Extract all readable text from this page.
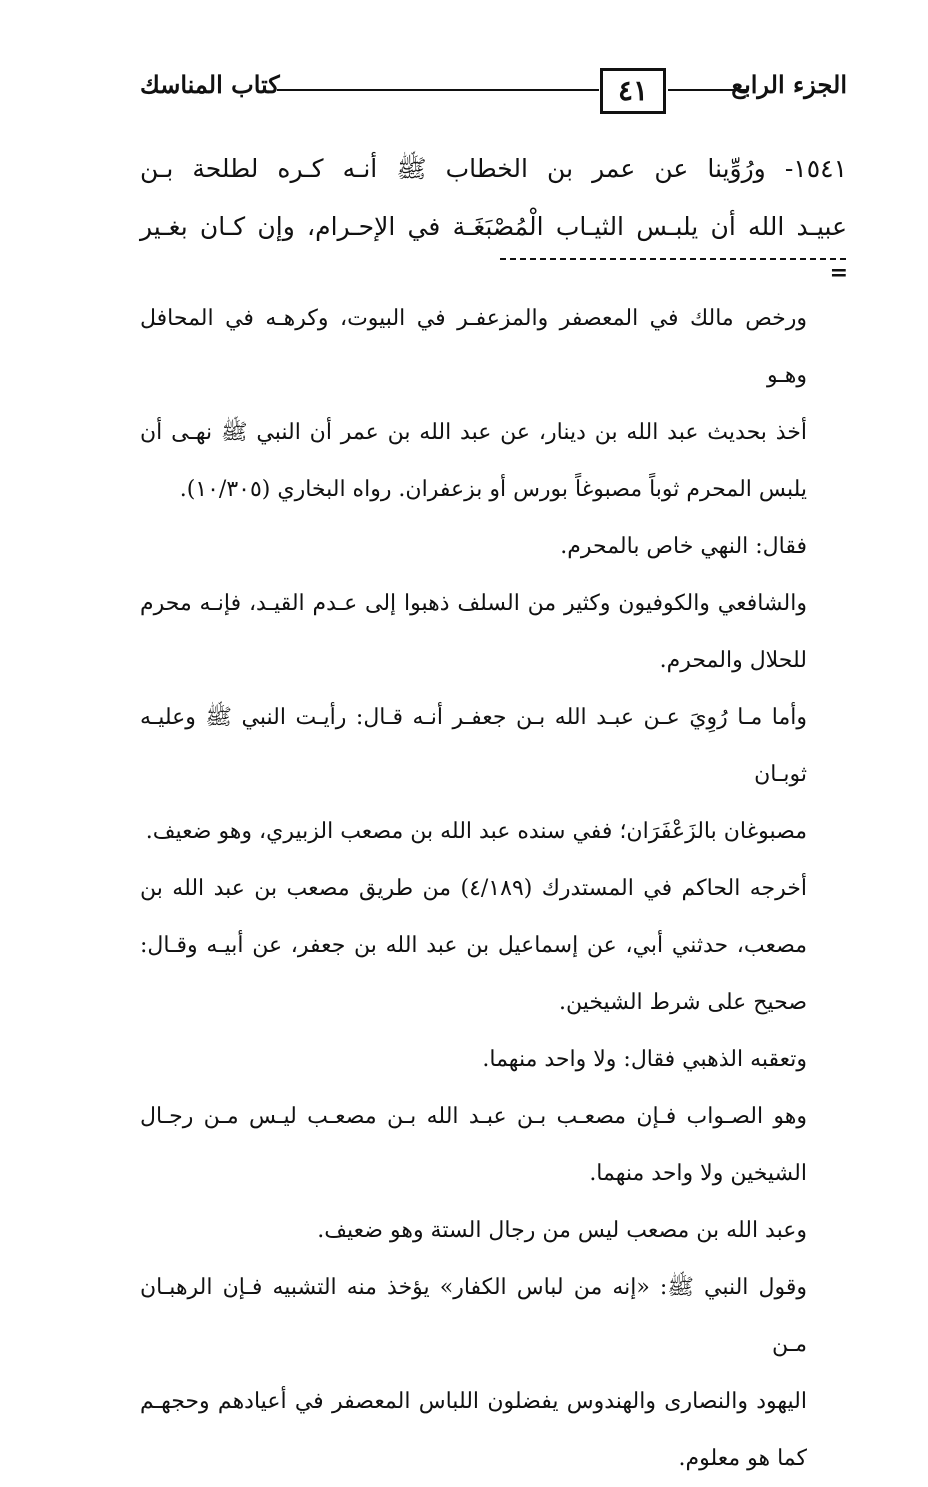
كتاب المناسك	٤١	الجزء الرابع

١٥٤١- ورُوِّينا عن عمر بن الخطاب ﷺ أنـه كـره لطلحة بـن

عبيـد الله أن يلبـس الثيـاب الْمُصْبَغَـة في الإحـرام، وإن كـان بغـير

=
ورخص مالك في المعصفر والمزعفـر في البيوت، وكرهـه في المحافل وهـو
أخذ بحديث عبد الله بن دينار، عن عبد الله بن عمر أن النبي ﷺ نهـى أن
يلبس المحرم ثوباً مصبوغاً بورس أو بزعفران. رواه البخاري (١٠/٣٠٥).
فقال: النهي خاص بالمحرم.
والشافعي والكوفيون وكثير من السلف ذهبوا إلى عـدم القيـد، فإنـه محرم
للحلال والمحرم.
وأما مـا رُوِيَ عـن عبـد الله بـن جعفـر أنـه قـال: رأيـت النبي ﷺ وعليـه ثوبـان
مصبوغان بالزَعْفَرَان؛ ففي سنده عبد الله بن مصعب الزبيري، وهو ضعيف.
أخرجه الحاكم في المستدرك (٤/١٨٩) من طريق مصعب بن عبد الله بن
مصعب، حدثني أبي، عن إسماعيل بن عبد الله بن جعفر، عن أبيـه وقـال:
صحيح على شرط الشيخين.
وتعقبه الذهبي فقال: ولا واحد منهما.
وهو الصـواب فـإن مصعـب بـن عبـد الله بـن مصعـب ليـس مـن رجـال
الشيخين ولا واحد منهما.
وعبد الله بن مصعب ليس من رجال الستة وهو ضعيف.
وقول النبي ﷺ: «إنه من لباس الكفار» يؤخذ منه التشبيه فـإن الرهبـان مـن
اليهود والنصارى والهندوس يفضلون اللباس المعصفر في أعيادهم وحجهـم
كما هو معلوم.
